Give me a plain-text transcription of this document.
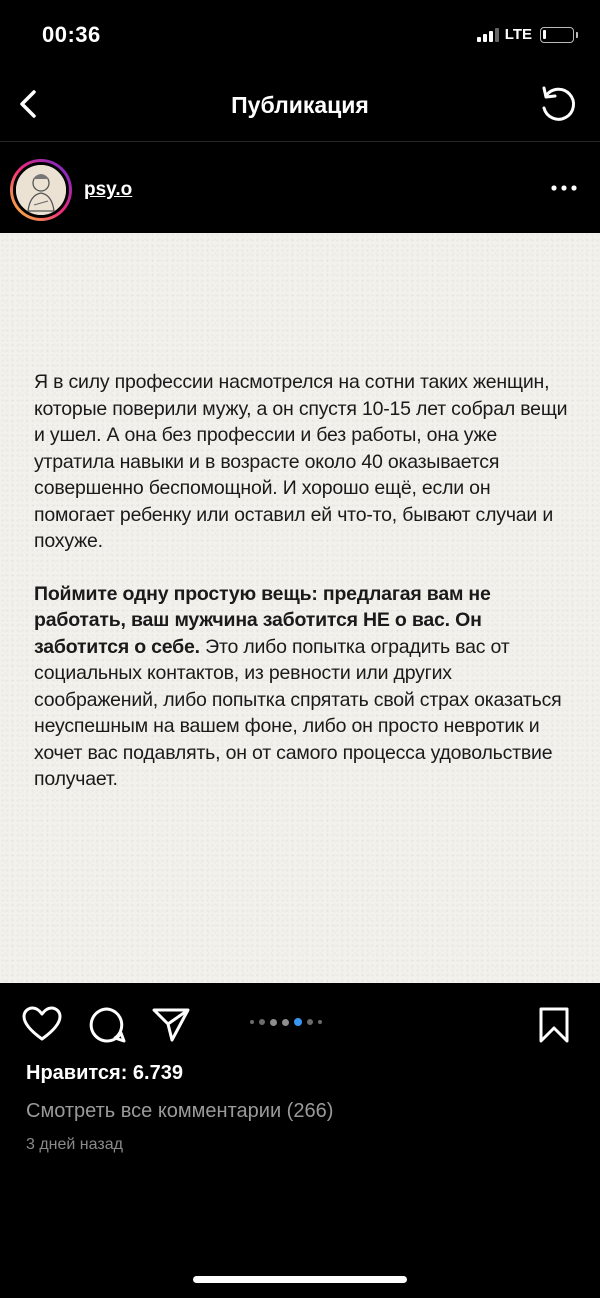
00:36	LTE
Публикация
psy.o

Я в силу профессии насмотрелся на сотни таких женщин, которые поверили мужу, а он спустя 10-15 лет собрал вещи и ушел. А она без профессии и без работы, она уже утратила навыки и в возрасте около 40 оказывается совершенно беспомощной. И хорошо ещё, если он помогает ребенку или оставил ей что-то, бывают случаи и похуже.

Поймите одну простую вещь: предлагая вам не работать, ваш мужчина заботится НЕ о вас. Он заботится о себе. Это либо попытка оградить вас от социальных контактов, из ревности или других соображений, либо попытка спрятать свой страх оказаться неуспешным на вашем фоне, либо он просто невротик и хочет вас подавлять, он от самого процесса удовольствие получает.

Нравится: 6.739
Смотреть все комментарии (266)
3 дней назад
